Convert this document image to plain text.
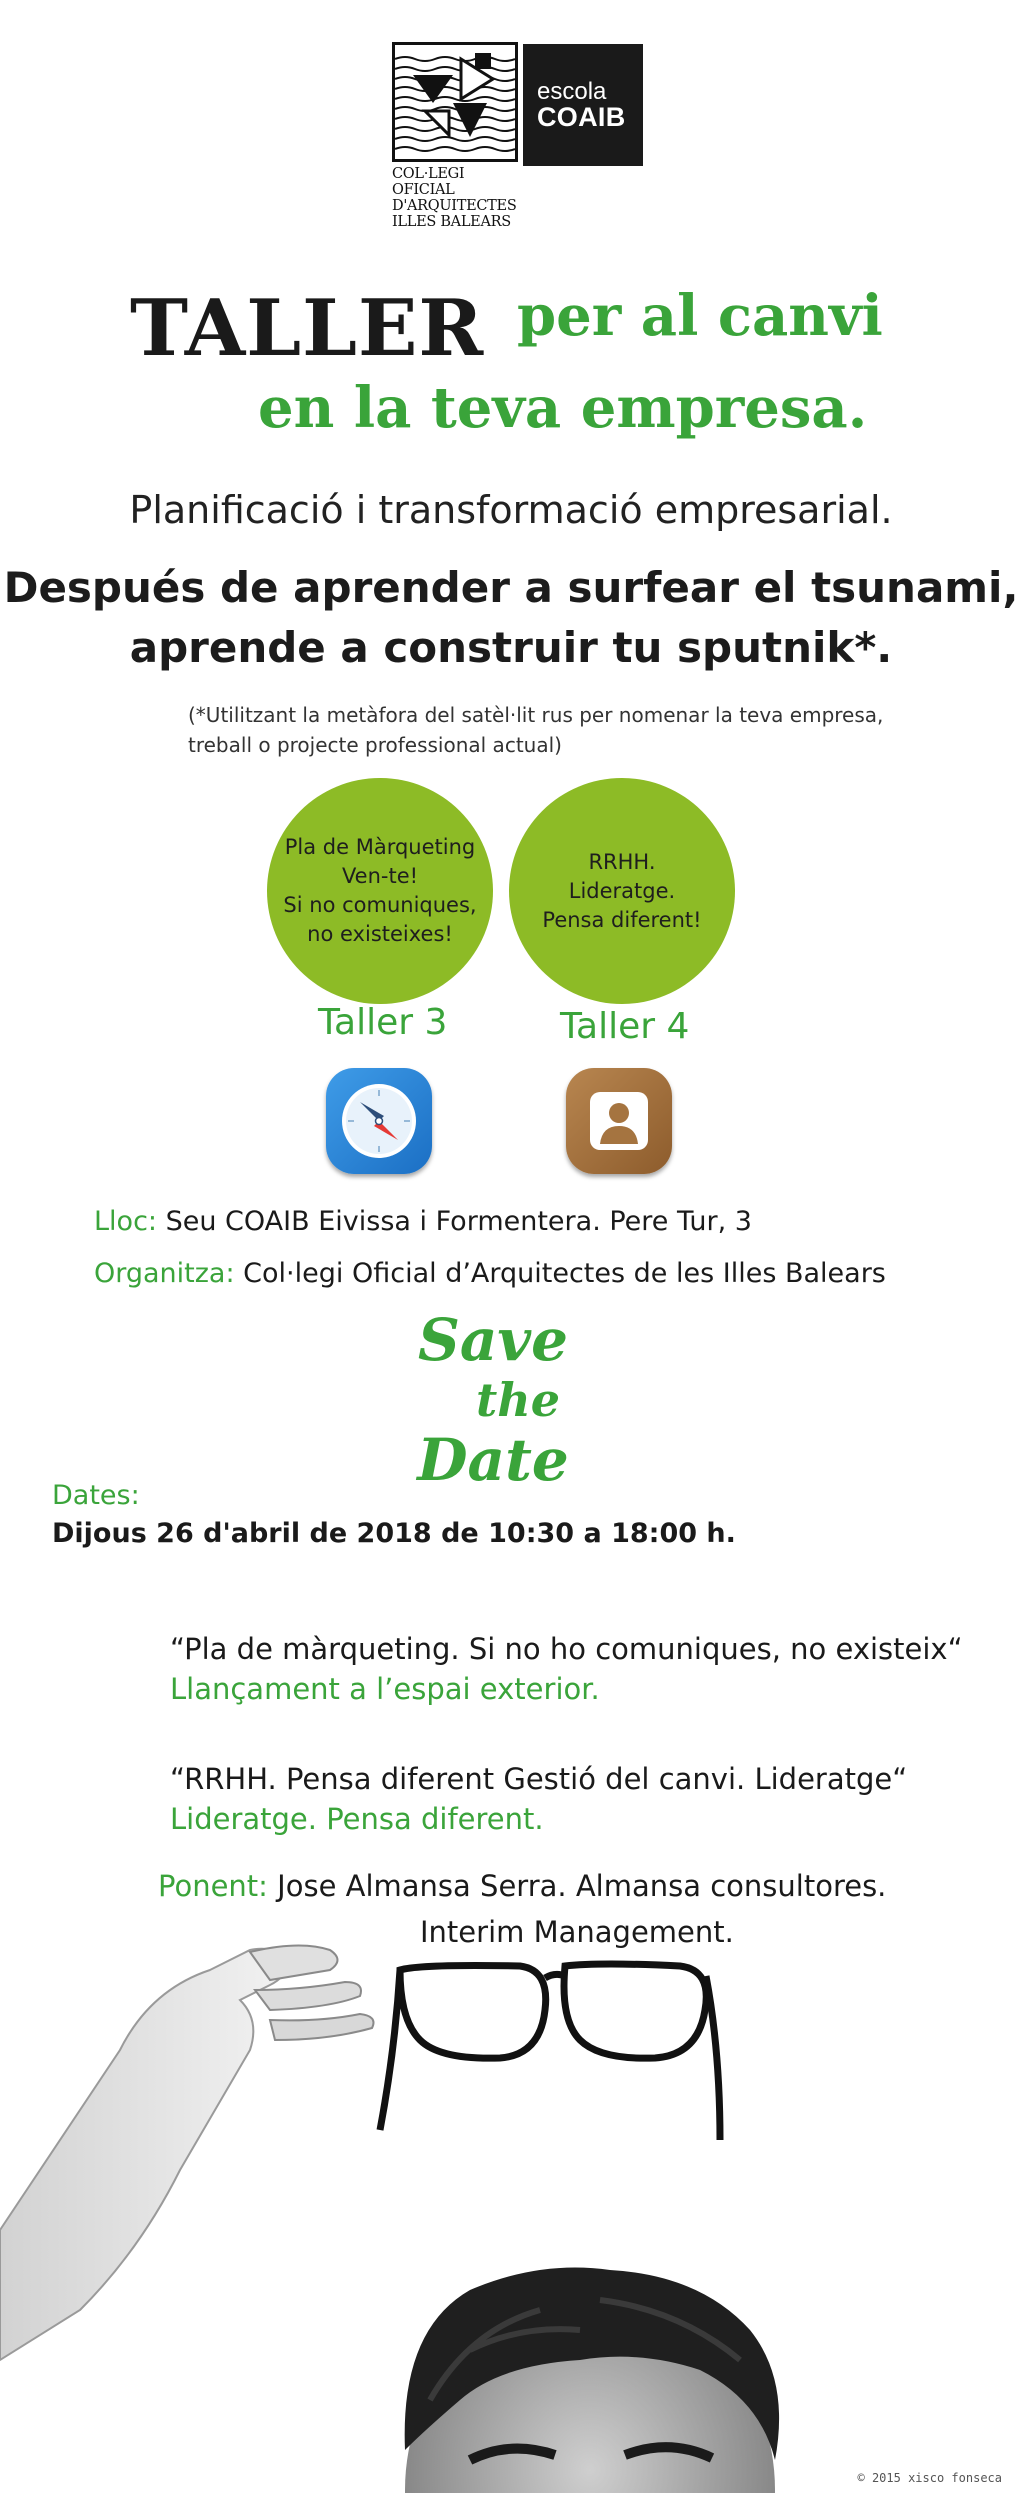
COL·LEGI OFICIAL
D'ARQUITECTES
ILLES BALEARS
escola
COAIB
TALLER per al canvi
en la teva empresa.
Planificació i transformació empresarial.
Después de aprender a surfear el tsunami,
aprende a construir tu sputnik*.
(*Utilitzant la metàfora del satèl·lit rus per nomenar la teva empresa, treball o projecte professional actual)
Pla de Màrqueting
Ven-te!
Si no comuniques,
no existeixes!
RRHH.
Lideratge.
Pensa diferent!
Taller 3	Taller 4
Lloc: Seu COAIB Eivissa i Formentera. Pere Tur, 3
Organitza: Col·legi Oficial d’Arquitectes de les Illes Balears
Save
the
Date
Dates:
Dijous 26 d'abril de 2018 de 10:30 a 18:00 h.
“Pla de màrqueting. Si no ho comuniques, no existeix“
Llançament a l’espai exterior.
“RRHH. Pensa diferent Gestió del canvi. Lideratge“
Lideratge. Pensa diferent.
Ponent: Jose Almansa Serra. Almansa consultores.
Interim Management.
© 2015 xisco fonseca
